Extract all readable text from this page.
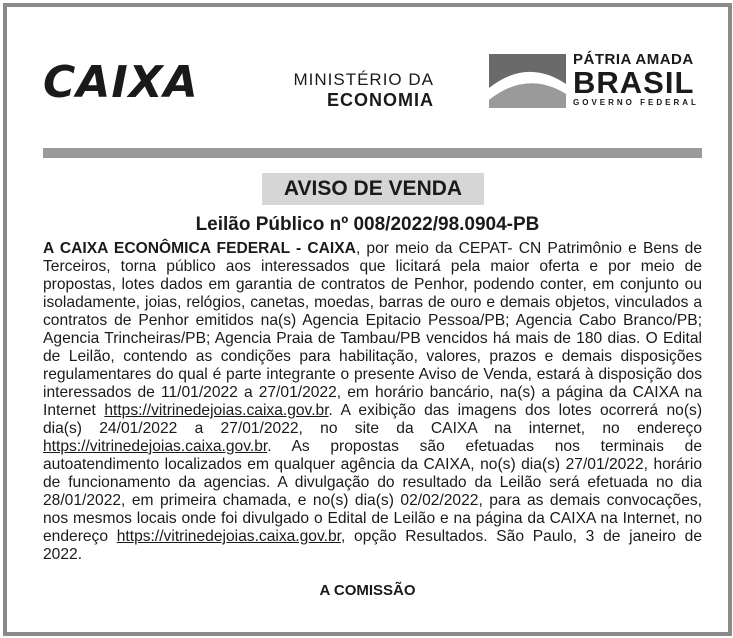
CAIXA	MINISTÉRIO DA
ECONOMIA
PÁTRIA AMADA
BRASIL
GOVERNO FEDERAL
AVISO DE VENDA
Leilão Público nº 008/2022/98.0904-PB
A CAIXA ECONÔMICA FEDERAL - CAIXA, por meio da CEPAT- CN Patrimônio e Bens de Terceiros, torna público aos interessados que licitará pela maior oferta e por meio de propostas, lotes dados em garantia de contratos de Penhor, podendo conter, em conjunto ou isoladamente, joias, relógios, canetas, moedas, barras de ouro e demais objetos, vinculados a contratos de Penhor emitidos na(s) Agencia Epitacio Pessoa/PB; Agencia Cabo Branco/PB; Agencia Trincheiras/PB; Agencia Praia de Tambau/PB vencidos há mais de 180 dias. O Edital de Leilão, contendo as condições para habilitação, valores, prazos e demais disposições regulamentares do qual é parte integrante o presente Aviso de Venda, estará à disposição dos interessados de 11/01/2022 a 27/01/2022, em horário bancário, na(s) a página da CAIXA na Internet https://vitrinedejoias.caixa.gov.br. A exibição das imagens dos lotes ocorrerá no(s) dia(s) 24/01/2022 a 27/01/2022, no site da CAIXA na internet, no endereço https://vitrinedejoias.caixa.gov.br. As propostas são efetuadas nos terminais de autoatendimento localizados em qualquer agência da CAIXA, no(s) dia(s) 27/01/2022, horário de funcionamento da agencias. A divulgação do resultado da Leilão será efetuada no dia 28/01/2022, em primeira chamada, e no(s) dia(s) 02/02/2022, para as demais convocações, nos mesmos locais onde foi divulgado o Edital de Leilão e na página da CAIXA na Internet, no endereço https://vitrinedejoias.caixa.gov.br, opção Resultados. São Paulo, 3 de janeiro de 2022.
A COMISSÃO
